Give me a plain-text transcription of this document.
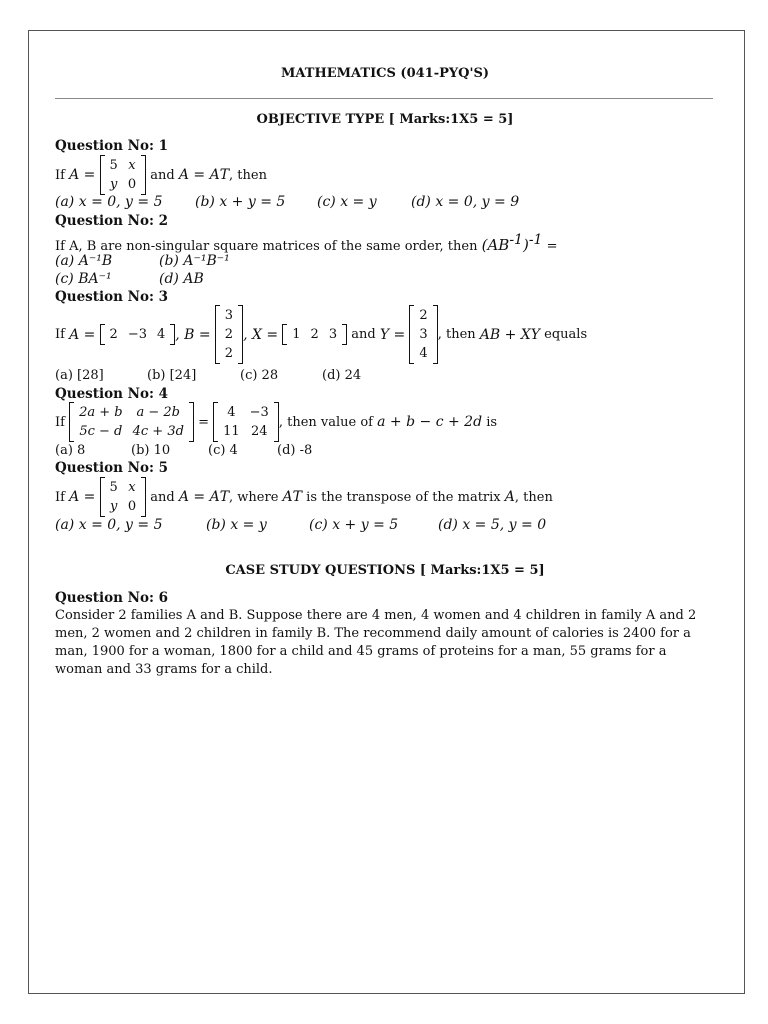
MATHEMATICS (041-PYQ'S)
OBJECTIVE TYPE [ Marks:1X5 = 5]
Question No: 1
If
A =

5	x
y	0

and
A = A T , then
(a) x = 0, y = 5 (b) x + y = 5 (c) x = y (d) x = 0, y = 9
Question No: 2
If A, B are non-singular square matrices of the same order, then $(AB^{-1})^{-1}$ =
(a) A⁻¹B	(b) A⁻¹B⁻¹
(c) BA⁻¹	(d) AB
Question No: 3
If
A =
2	−3	4 , B =

3
2
2
, X =
1	2	3
and
Y =

2
3
4
, then
AB + XY
equals
(a) [28]	(b) [24]	(c) 28	(d) 24
Question No: 4
If

2a + b	a − 2b
5c − d	4c + 3d

=

4	−3
11	24
, then value of
a + b − c + 2d
is
(a) 8	(b) 10	(c) 4	(d) -8
Question No: 5
If
A =

5	x
y	0

and
A = A T , where
A T
is the transpose of the matrix
A , then
(a) x = 0, y = 5	(b) x = y	(c) x + y = 5	(d) x = 5, y = 0
CASE STUDY QUESTIONS [ Marks:1X5 = 5]
Question No: 6
Consider 2 families A and B. Suppose there are 4 men, 4 women and 4 children in family A and 2 men, 2 women and 2 children in family B. The recommend daily amount of calories is 2400 for a man, 1900 for a woman, 1800 for a child and 45 grams of proteins for a man, 55 grams for a woman and 33 grams for a child.
